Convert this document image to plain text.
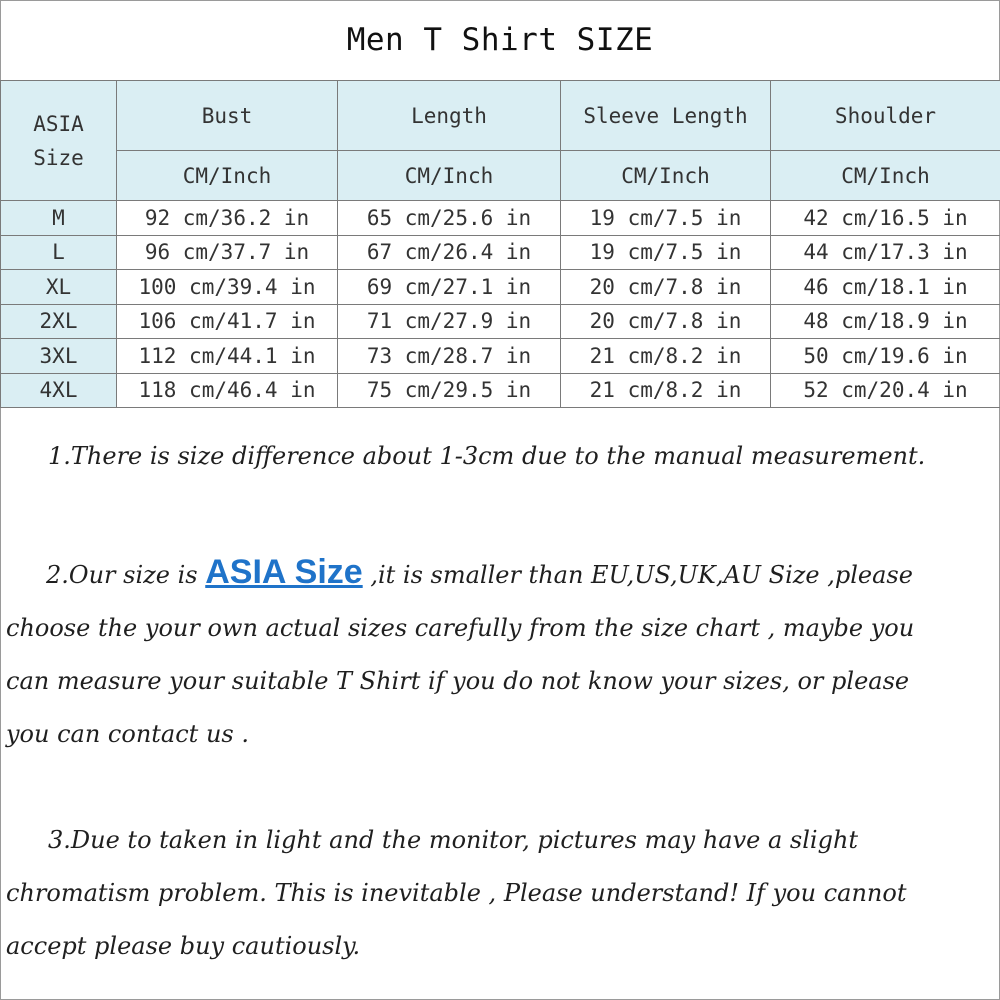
Men T Shirt SIZE
ASIA
Size	Bust	Length	Sleeve Length	Shoulder
	CM/Inch	CM/Inch	CM/Inch	CM/Inch
M	92 cm/36.2 in	65 cm/25.6 in	19 cm/7.5 in	42 cm/16.5 in
L	96 cm/37.7 in	67 cm/26.4 in	19 cm/7.5 in	44 cm/17.3 in
XL	100 cm/39.4 in	69 cm/27.1 in	20 cm/7.8 in	46 cm/18.1 in
2XL	106 cm/41.7 in	71 cm/27.9 in	20 cm/7.8 in	48 cm/18.9 in
3XL	112 cm/44.1 in	73 cm/28.7 in	21 cm/8.2 in	50 cm/19.6 in
4XL	118 cm/46.4 in	75 cm/29.5 in	21 cm/8.2 in	52 cm/20.4 in
1.There is size difference about 1-3cm due to the manual measurement.
2.Our size is ASIA Size ,it is smaller than EU,US,UK,AU Size ,please
choose the your own actual sizes carefully from the size chart , maybe you
can measure your suitable T Shirt if you do not know your sizes, or please
you can contact us .
3.Due to taken in light and the monitor, pictures may have a slight
chromatism problem. This is inevitable , Please understand! If you cannot
accept please buy cautiously.
